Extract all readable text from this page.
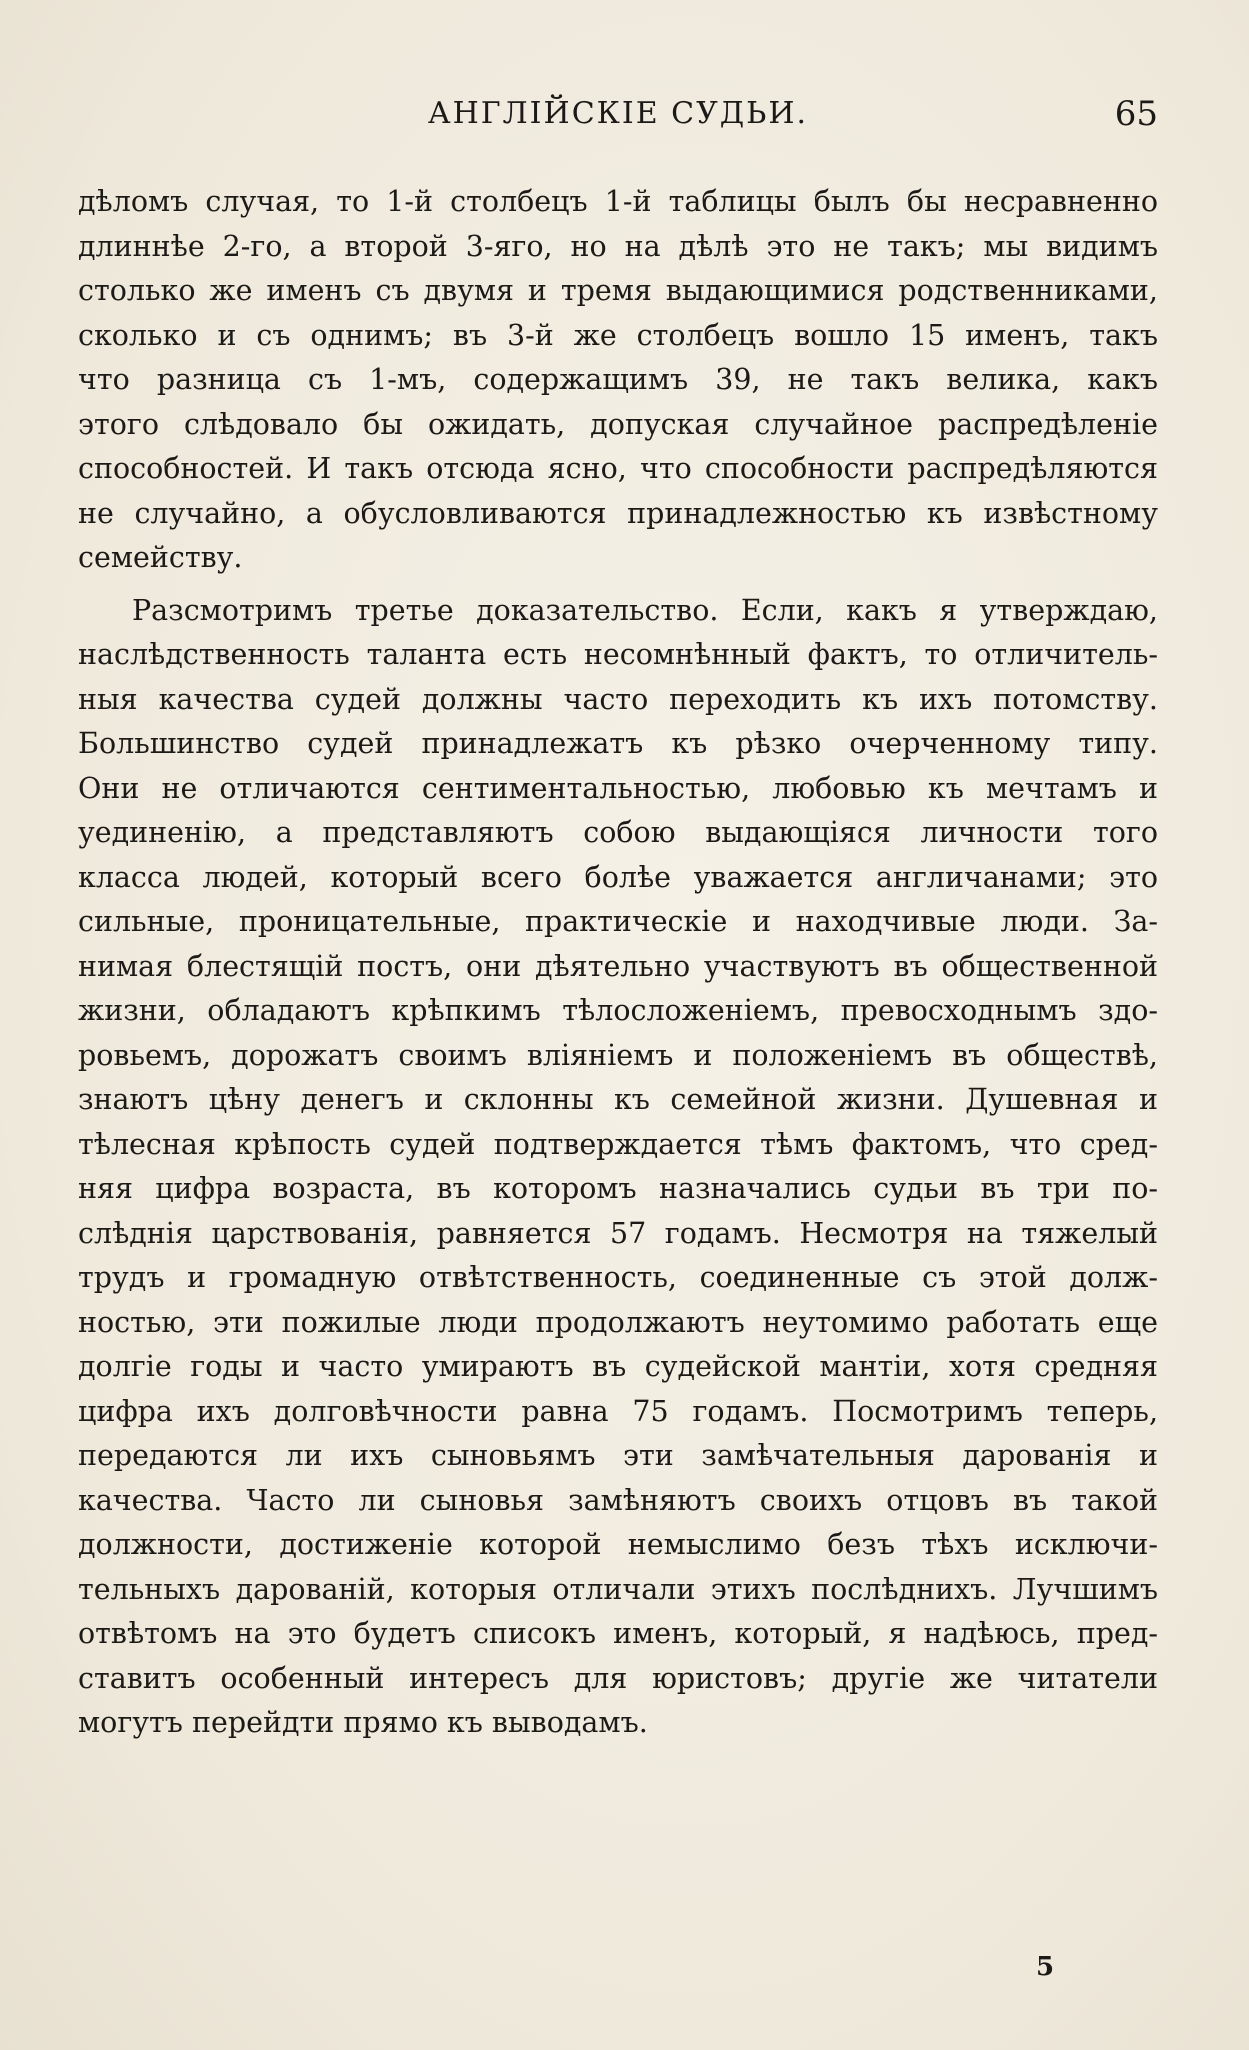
АНГЛІЙСКІЕ СУДЬИ.	65
дѣломъ случая, то 1-й столбецъ 1-й таблицы былъ бы несравненно
длиннѣе 2-го, а второй 3-яго, но на дѣлѣ это не такъ; мы видимъ
столько же именъ съ двумя и тремя выдающимися родственниками,
сколько и съ однимъ; въ 3-й же столбецъ вошло 15 именъ, такъ
что разница съ 1-мъ, содержащимъ 39, не такъ велика, какъ
этого слѣдовало бы ожидать, допуская случайное распредѣленіе
способностей. И такъ отсюда ясно, что способности распредѣляются
не случайно, а обусловливаются принадлежностью къ извѣстному
семейству.
Разсмотримъ третье доказательство. Если, какъ я утверждаю,
наслѣдственность таланта есть несомнѣнный фактъ, то отличитель-
ныя качества судей должны часто переходить къ ихъ потомству.
Большинство судей принадлежатъ къ рѣзко очерченному типу.
Они не отличаются сентиментальностью, любовью къ мечтамъ и
уединенію, а представляютъ собою выдающіяся личности того
класса людей, который всего болѣе уважается англичанами; это
сильные, проницательные, практическіе и находчивые люди. За-
нимая блестящій постъ, они дѣятельно участвуютъ въ общественной
жизни, обладаютъ крѣпкимъ тѣлосложеніемъ, превосходнымъ здо-
ровьемъ, дорожатъ своимъ вліяніемъ и положеніемъ въ обществѣ,
знаютъ цѣну денегъ и склонны къ семейной жизни. Душевная и
тѣлесная крѣпость судей подтверждается тѣмъ фактомъ, что сред-
няя цифра возраста, въ которомъ назначались судьи въ три по-
слѣднія царствованія, равняется 57 годамъ. Несмотря на тяжелый
трудъ и громадную отвѣтственность, соединенные съ этой долж-
ностью, эти пожилые люди продолжаютъ неутомимо работать еще
долгіе годы и часто умираютъ въ судейской мантіи, хотя средняя
цифра ихъ долговѣчности равна 75 годамъ. Посмотримъ теперь,
передаются ли ихъ сыновьямъ эти замѣчательныя дарованія и
качества. Часто ли сыновья замѣняютъ своихъ отцовъ въ такой
должности, достиженіе которой немыслимо безъ тѣхъ исключи-
тельныхъ дарованій, которыя отличали этихъ послѣднихъ. Лучшимъ
отвѣтомъ на это будетъ списокъ именъ, который, я надѣюсь, пред-
ставитъ особенный интересъ для юристовъ; другіе же читатели
могутъ перейдти прямо къ выводамъ.
5
